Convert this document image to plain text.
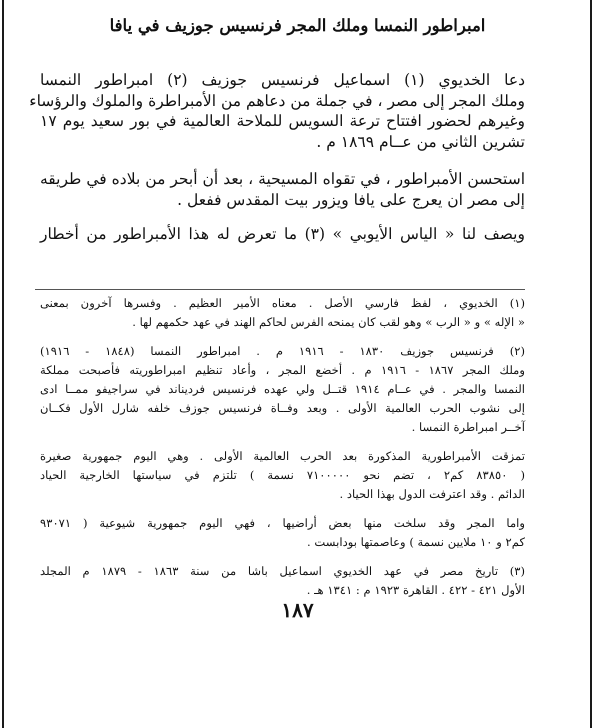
امبراطور النمسا وملك المجر فرنسيس جوزيف في يافا

دعا الخديوي (١) اسماعيل فرنسيس جوزيف (٢) امبراطور النمسا
وملك المجر إلى مصر ، في جملة من دعاهم من الأمبراطرة والملوك والرؤساء
وغيرهم لحضور افتتاح ترعة السويس للملاحة العالمية في بور سعيد يوم ١٧
تشرين الثاني من عــام ١٨٦٩ م .

استحسن الأمبراطور ، في تقواه المسيحية ، بعد أن أبحر من بلاده في طريقه
إلى مصر ان يعرج على يافا ويزور بيت المقدس ففعل .

ويصف لنا « الياس الأيوبي » (٣) ما تعرض له هذا الأمبراطور من أخطار

(١) الخديوي ، لفظ فارسي الأصل . معناه الأمير العظيم . وفسرها آخرون بمعنى
« الإله » و « الرب » وهو لقب كان يمنحه الفرس لحاكم الهند في عهد حكمهم لها .
(٢) فرنسيس جوزيف ١٨٣٠ - ١٩١٦ م . امبراطور النمسا (١٨٤٨ - ١٩١٦)
وملك المجر ١٨٦٧ - ١٩١٦ م . أخضع المجر ، وأعاد تنظيم امبراطوريته فأصبحت مملكة
النمسا والمجر . في عــام ١٩١٤ قتــل ولي عهده فرنسيس فرديناند في سراجيفو ممــا ادى
إلى نشوب الحرب العالمية الأولى . وبعد وفــاة فرنسيس جوزف خلفه شارل الأول فكــان
آخــر امبراطرة النمسا .
تمزقت الأمبراطورية المذكورة بعد الحرب العالمية الأولى . وهي اليوم جمهورية صغيرة
( ٨٣٨٥٠ كم٢ ، تضم نحو ٧١٠٠٠٠٠ نسمة ) تلتزم في سياستها الخارجية الحياد
الدائم . وقد اعترفت الدول بهذا الحياد .
واما المجر وقد سلخت منها بعض أراضيها ، فهي اليوم جمهورية شيوعية ( ٩٣٠٧١
كم٢ و ١٠ ملايين نسمة ) وعاصمتها بودابست .
(٣) تاريخ مصر في عهد الخديوي اسماعيل باشا من سنة ١٨٦٣ - ١٨٧٩ م المجلد
الأول ٤٢١ - ٤٢٢ . القاهرة ١٩٢٣ م : ١٣٤١ هـ .
١٨٧
